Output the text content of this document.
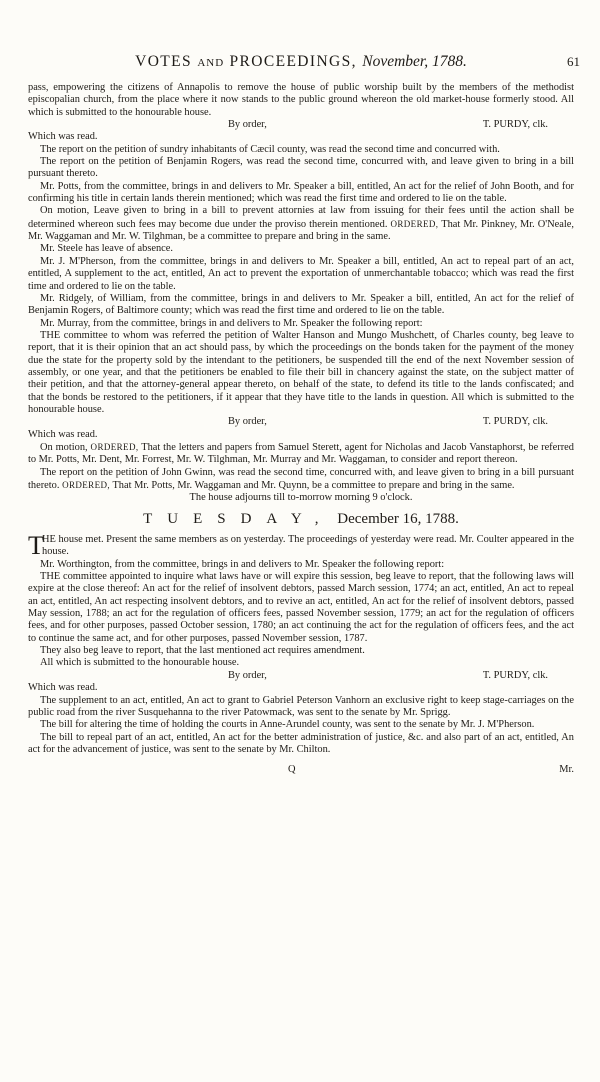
VOTES AND PROCEEDINGS, November, 1788.	61

pass, empowering the citizens of Annapolis to remove the house of public worship built by the members of the methodist episcopalian church, from the place where it now stands to the public ground whereon the old market-house formerly stood. All which is submitted to the honourable house.

By order,	T. PURDY, clk.

Which was read.

The report on the petition of sundry inhabitants of Cæcil county, was read the second time and concurred with.

The report on the petition of Benjamin Rogers, was read the second time, concurred with, and leave given to bring in a bill pursuant thereto.

Mr. Potts, from the committee, brings in and delivers to Mr. Speaker a bill, entitled, An act for the relief of John Booth, and for confirming his title in certain lands therein mentioned; which was read the first time and ordered to lie on the table.

On motion, Leave given to bring in a bill to prevent attornies at law from issuing for their fees until the action shall be determined whereon such fees may become due under the proviso therein mentioned. ORDERED, That Mr. Pinkney, Mr. O'Neale, Mr. Waggaman and Mr. W. Tilghman, be a committee to prepare and bring in the same.

Mr. Steele has leave of absence.

Mr. J. M'Pherson, from the committee, brings in and delivers to Mr. Speaker a bill, entitled, An act to repeal part of an act, entitled, A supplement to the act, entitled, An act to prevent the exportation of unmerchantable tobacco; which was read the first time and ordered to lie on the table.

Mr. Ridgely, of William, from the committee, brings in and delivers to Mr. Speaker a bill, entitled, An act for the relief of Benjamin Rogers, of Baltimore county; which was read the first time and ordered to lie on the table.

Mr. Murray, from the committee, brings in and delivers to Mr. Speaker the following report:

THE committee to whom was referred the petition of Walter Hanson and Mungo Mushchett, of Charles county, beg leave to report, that it is their opinion that an act should pass, by which the proceedings on the bonds taken for the payment of the money due the state for the property sold by the intendant to the petitioners, be suspended till the end of the next November session of assembly, or one year, and that the petitioners be enabled to file their bill in chancery against the state, on the subject matter of their petition, and that the attorney-general appear thereto, on behalf of the state, to defend its title to the lands confiscated; and that the bonds be restored to the petitioners, if it appear that they have title to the lands in question. All which is submitted to the honourable house.

By order,	T. PURDY, clk.

Which was read.

On motion, ORDERED, That the letters and papers from Samuel Sterett, agent for Nicholas and Jacob Vanstaphorst, be referred to Mr. Potts, Mr. Dent, Mr. Forrest, Mr. W. Tilghman, Mr. Murray and Mr. Waggaman, to consider and report thereon.

The report on the petition of John Gwinn, was read the second time, concurred with, and leave given to bring in a bill pursuant thereto. ORDERED, That Mr. Potts, Mr. Waggaman and Mr. Quynn, be a committee to prepare and bring in the same.

The house adjourns till to-morrow morning 9 o'clock.

TUESDAY, December 16, 1788.
T

HE house met. Present the same members as on yesterday. The proceedings of yesterday were read. Mr. Coulter appeared in the house.

Mr. Worthington, from the committee, brings in and delivers to Mr. Speaker the following report:

THE committee appointed to inquire what laws have or will expire this session, beg leave to report, that the following laws will expire at the close thereof: An act for the relief of insolvent debtors, passed March session, 1774; an act, entitled, An act to repeal an act, entitled, An act respecting insolvent debtors, and to revive an act, entitled, An act for the relief of insolvent debtors, passed May session, 1788; an act for the regulation of officers fees, passed November session, 1779; an act for the regulation of officers fees, and for other purposes, passed October session, 1780; an act continuing the act for the regulation of officers fees, and the act to continue the same act, and for other purposes, passed November session, 1787.

They also beg leave to report, that the last mentioned act requires amendment.

All which is submitted to the honourable house.

By order,	T. PURDY, clk.

Which was read.

The supplement to an act, entitled, An act to grant to Gabriel Peterson Vanhorn an exclusive right to keep stage-carriages on the public road from the river Susquehanna to the river Patowmack, was sent to the senate by Mr. Sprigg.

The bill for altering the time of holding the courts in Anne-Arundel county, was sent to the senate by Mr. J. M'Pherson.

The bill to repeal part of an act, entitled, An act for the better administration of justice, &c. and also part of an act, entitled, An act for the advancement of justice, was sent to the senate by Mr. Chilton.

Q	Mr.
